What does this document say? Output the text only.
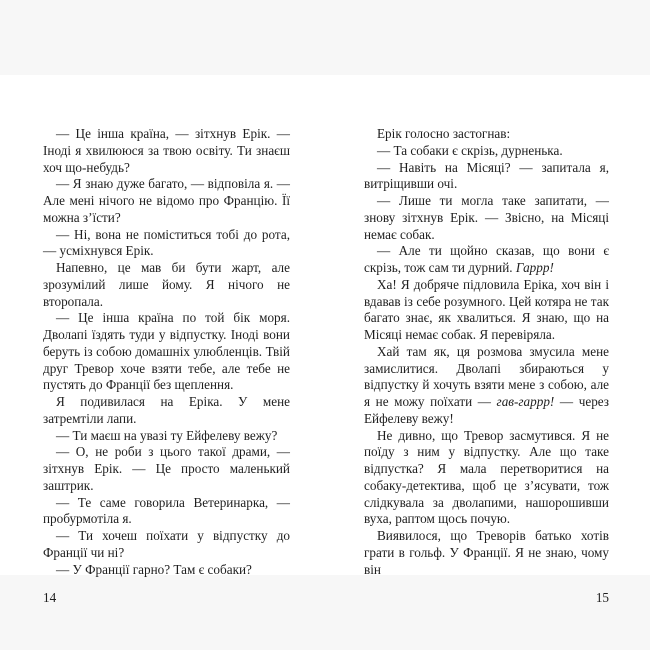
— Це інша країна, — зітхнув Ерік. — Іноді я хвилююся за твою освіту. Ти знаєш хоч що-небудь?

— Я знаю дуже багато, — відповіла я. — Але мені нічого не відомо про Францію. Її можна з’їсти?

— Ні, вона не поміститься тобі до рота, — усміхнувся Ерік.

Напевно, це мав би бути жарт, але зрозумілий лише йому. Я нічого не второпала.

— Це інша країна по той бік моря. Дволапі їздять туди у відпустку. Іноді вони беруть із собою домашніх улюбленців. Твій друг Тревор хоче взяти тебе, але тебе не пустять до Франції без щеплення.

Я подивилася на Еріка. У мене затремтіли лапи.

— Ти маєш на увазі ту Ейфелеву вежу?

— О, не роби з цього такої драми, — зітхнув Ерік. — Це просто маленький заштрик.

— Те саме говорила Ветеринарка, — пробурмотіла я.

— Ти хочеш поїхати у відпустку до Франції чи ні?

— У Франції гарно? Там є собаки?

14

Ерік голосно застогнав:

— Та собаки є скрізь, дурненька.

— Навіть на Місяці? — запитала я, витріщивши очі.

— Лише ти могла таке запитати, — знову зітхнув Ерік. — Звісно, на Місяці немає собак.

— Але ти щойно сказав, що вони є скрізь, тож сам ти дурний. Гаррр!

Ха! Я добряче підловила Еріка, хоч він і вдавав із себе розумного. Цей котяра не так багато знає, як хвалиться. Я знаю, що на Місяці немає собак. Я перевіряла.

Хай там як, ця розмова змусила мене замислитися. Дволапі збираються у відпустку й хочуть взяти мене з собою, але я не можу поїхати — гав-гаррр! — через Ейфелеву вежу!

Не дивно, що Тревор засмутився. Я не поїду з ним у відпустку. Але що таке відпустка? Я мала перетворитися на собаку-детектива, щоб це з’ясувати, тож слідкувала за дволапими, нашорошивши вуха, раптом щось почую.

Виявилося, що Треворів батько хотів грати в гольф. У Франції. Я не знаю, чому він

15
